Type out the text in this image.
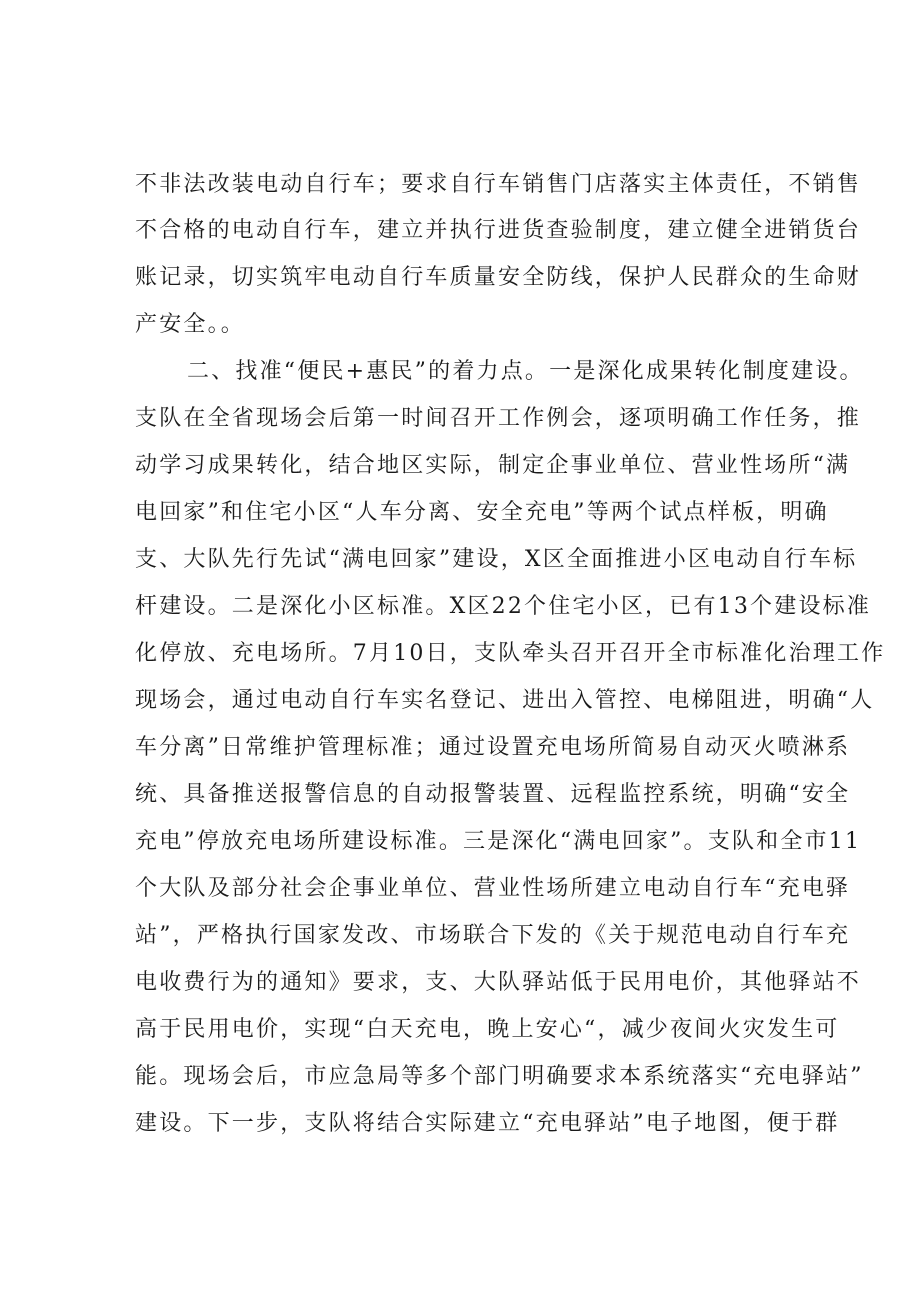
不非法改装电动自行车；要求自行车销售门店落实主体责任，不销售
不合格的电动自行车，建立并执行进货查验制度，建立健全进销货台
账记录，切实筑牢电动自行车质量安全防线，保护人民群众的生命财
产安全。。
二、找准“便民+惠民”的着力点。一是深化成果转化制度建设。
支队在全省现场会后第一时间召开工作例会，逐项明确工作任务，推
动学习成果转化，结合地区实际，制定企事业单位、营业性场所“满
电回家”和住宅小区“人车分离、安全充电”等两个试点样板，明确
支、大队先行先试“满电回家”建设，X区全面推进小区电动自行车标
杆建设。二是深化小区标准。X区22个住宅小区，已有13个建设标准
化停放、充电场所。7月10日，支队牵头召开召开全市标准化治理工作
现场会，通过电动自行车实名登记、进出入管控、电梯阻进，明确“人
车分离”日常维护管理标准；通过设置充电场所简易自动灭火喷淋系
统、具备推送报警信息的自动报警装置、远程监控系统，明确“安全
充电”停放充电场所建设标准。三是深化“满电回家”。支队和全市11
个大队及部分社会企事业单位、营业性场所建立电动自行车“充电驿
站”，严格执行国家发改、市场联合下发的《关于规范电动自行车充
电收费行为的通知》要求，支、大队驿站低于民用电价，其他驿站不
高于民用电价，实现“白天充电，晚上安心“，减少夜间火灾发生可
能。现场会后，市应急局等多个部门明确要求本系统落实“充电驿站”
建设。下一步，支队将结合实际建立“充电驿站”电子地图，便于群
